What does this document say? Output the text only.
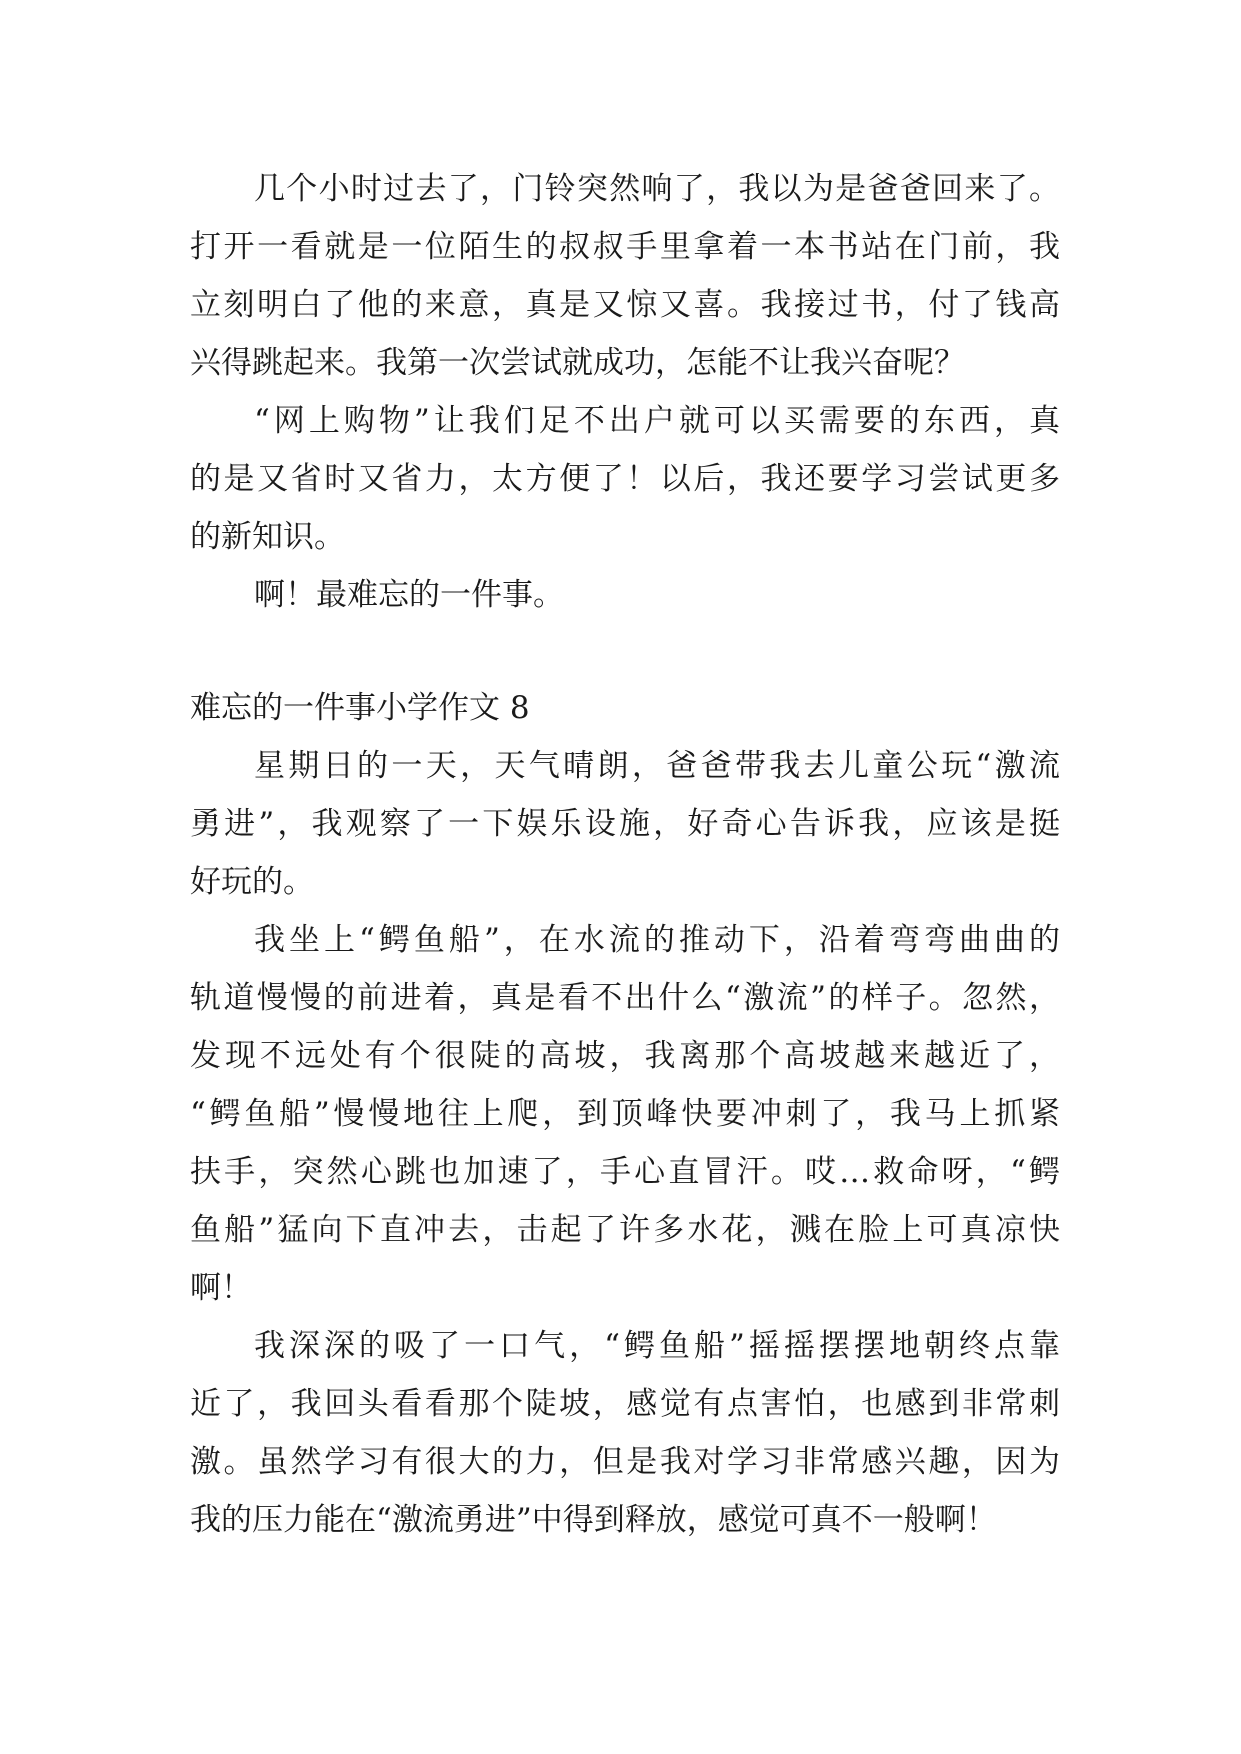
几个小时过去了，门铃突然响了，我以为是爸爸回来了。
打开一看就是一位陌生的叔叔手里拿着一本书站在门前，我
立刻明白了他的来意，真是又惊又喜。我接过书，付了钱高
兴得跳起来。我第一次尝试就成功，怎能不让我兴奋呢？
“网上购物”让我们足不出户就可以买需要的东西，真
的是又省时又省力，太方便了！以后，我还要学习尝试更多
的新知识。
啊！最难忘的一件事。
难忘的一件事小学作文 8
星期日的一天，天气晴朗，爸爸带我去儿童公玩“激流
勇进”，我观察了一下娱乐设施，好奇心告诉我，应该是挺
好玩的。
我坐上“鳄鱼船”，在水流的推动下，沿着弯弯曲曲的
轨道慢慢的前进着，真是看不出什么“激流”的样子。忽然，
发现不远处有个很陡的高坡，我离那个高坡越来越近了，
“鳄鱼船”慢慢地往上爬，到顶峰快要冲刺了，我马上抓紧
扶手，突然心跳也加速了，手心直冒汗。哎…救命呀，“鳄
鱼船”猛向下直冲去，击起了许多水花，溅在脸上可真凉快
啊！
我深深的吸了一口气，“鳄鱼船”摇摇摆摆地朝终点靠
近了，我回头看看那个陡坡，感觉有点害怕，也感到非常刺
激。虽然学习有很大的力，但是我对学习非常感兴趣，因为
我的压力能在“激流勇进”中得到释放，感觉可真不一般啊！
